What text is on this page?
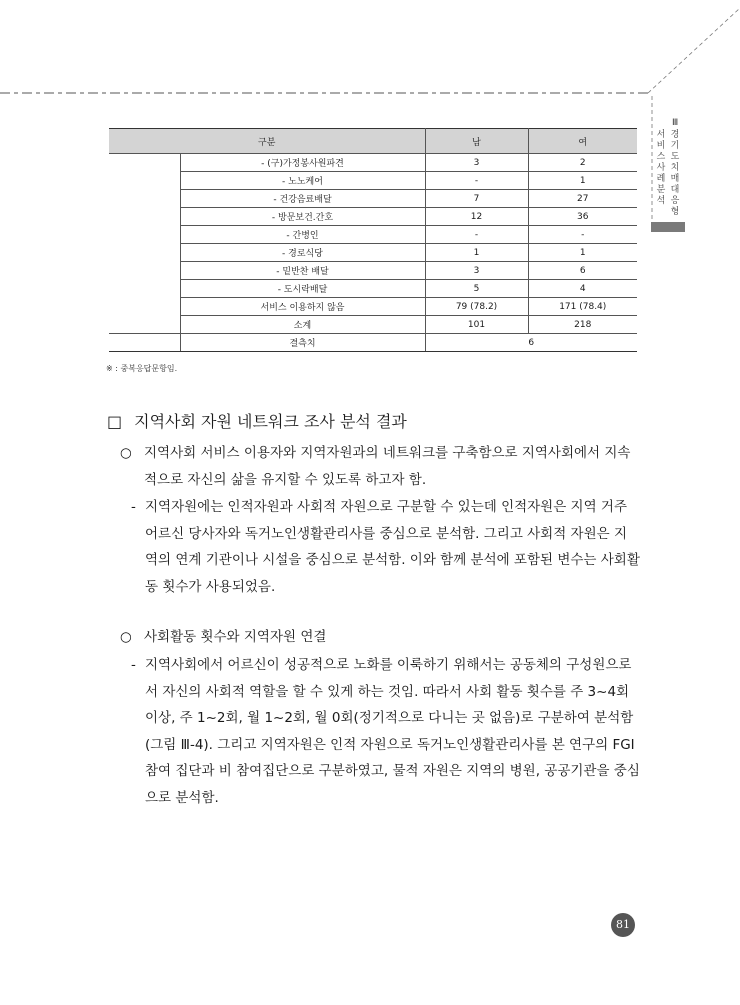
Ⅲ
서비스사례분석
경기도치매대응형
구분		남	여
	- (구)가정봉사원파견	3	2
	- 노노케어	-	1
	- 건강음료배달	7	27
	- 방문보건.간호	12	36
	- 간병인	-	-
	- 경로식당	1	1
	- 밑반찬 배달	3	6
	- 도시락배달	5	4
	서비스 이용하지 않음	79 (78.2)	171 (78.4)
	소계	101	218
	결측치	6	
※ : 중복응답문항임.
□ 지역사회 자원 네트워크 조사 분석 결과
○ 지역사회 서비스 이용자와 지역자원과의 네트워크를 구축함으로 지역사회에서 지속적으로 자신의 삶을 유지할 수 있도록 하고자 함.
- 지역자원에는 인적자원과 사회적 자원으로 구분할 수 있는데 인적자원은 지역 거주 어르신 당사자와 독거노인생활관리사를 중심으로 분석함. 그리고 사회적 자원은 지역의 연계 기관이나 시설을 중심으로 분석함. 이와 함께 분석에 포함된 변수는 사회활동 횟수가 사용되었음.
○ 사회활동 횟수와 지역자원 연결
- 지역사회에서 어르신이 성공적으로 노화를 이룩하기 위해서는 공동체의 구성원으로서 자신의 사회적 역할을 할 수 있게 하는 것임. 따라서 사회 활동 횟수를 주 3~4회 이상, 주 1~2회, 월 1~2회, 월 0회(정기적으로 다니는 곳 없음)로 구분하여 분석함(그림 Ⅲ-4). 그리고 지역자원은 인적 자원으로 독거노인생활관리사를 본 연구의 FGI 참여 집단과 비 참여집단으로 구분하였고, 물적 자원은 지역의 병원, 공공기관을 중심으로 분석함.
81
